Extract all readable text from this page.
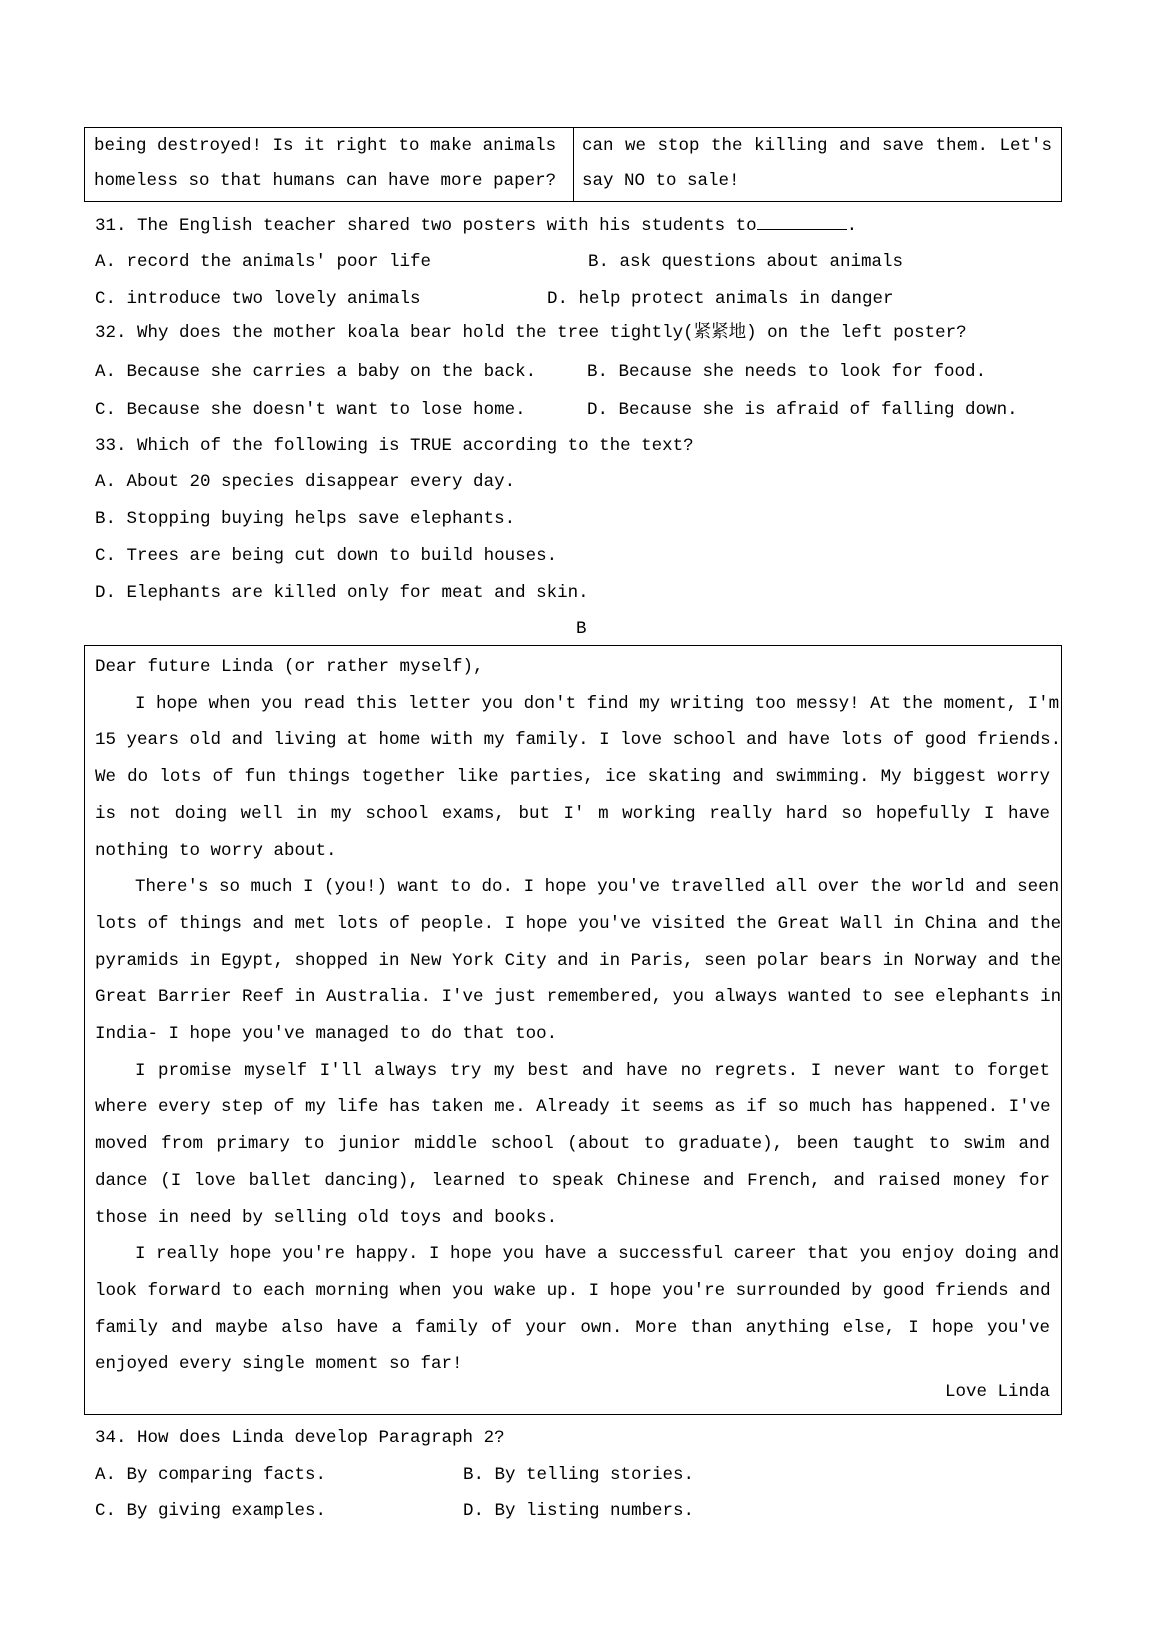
being destroyed! Is it right to make animals
homeless so that humans can have more paper?
can we stop the killing and save them. Let's
say NO to sale!
31. The English teacher shared two posters with his students to	.
A. record the animals' poor life	B. ask questions about animals
C. introduce two lovely animals	D. help protect animals in danger
32. Why does the mother koala bear hold the tree tightly(紧紧地) on the left poster?
A. Because she carries a baby on the back.	B. Because she needs to look for food.
C. Because she doesn't want to lose home.	D. Because she is afraid of falling down.
33. Which of the following is TRUE according to the text?
A. About 20 species disappear every day.
B. Stopping buying helps save elephants.
C. Trees are being cut down to build houses.
D. Elephants are killed only for meat and skin.
B
Dear future Linda (or rather myself),
I hope when you read this letter you don't find my writing too messy! At the moment, I'm
15 years old and living at home with my family. I love school and have lots of good friends.
We do lots of fun things together like parties, ice skating and swimming. My biggest worry
is not doing well in my school exams, but I' m working really hard so hopefully I have
nothing to worry about.
There's so much I (you!) want to do. I hope you've travelled all over the world and seen
lots of things and met lots of people. I hope you've visited the Great Wall in China and the
pyramids in Egypt, shopped in New York City and in Paris, seen polar bears in Norway and the
Great Barrier Reef in Australia. I've just remembered, you always wanted to see elephants in
India- I hope you've managed to do that too.
I promise myself I'll always try my best and have no regrets. I never want to forget
where every step of my life has taken me. Already it seems as if so much has happened. I've
moved from primary to junior middle school (about to graduate), been taught to swim and
dance (I love ballet dancing), learned to speak Chinese and French, and raised money for
those in need by selling old toys and books.
I really hope you're happy. I hope you have a successful career that you enjoy doing and
look forward to each morning when you wake up. I hope you're surrounded by good friends and
family and maybe also have a family of your own. More than anything else, I hope you've
enjoyed every single moment so far!
Love Linda
34. How does Linda develop Paragraph 2?
A. By comparing facts.	B. By telling stories.
C. By giving examples.	D. By listing numbers.
